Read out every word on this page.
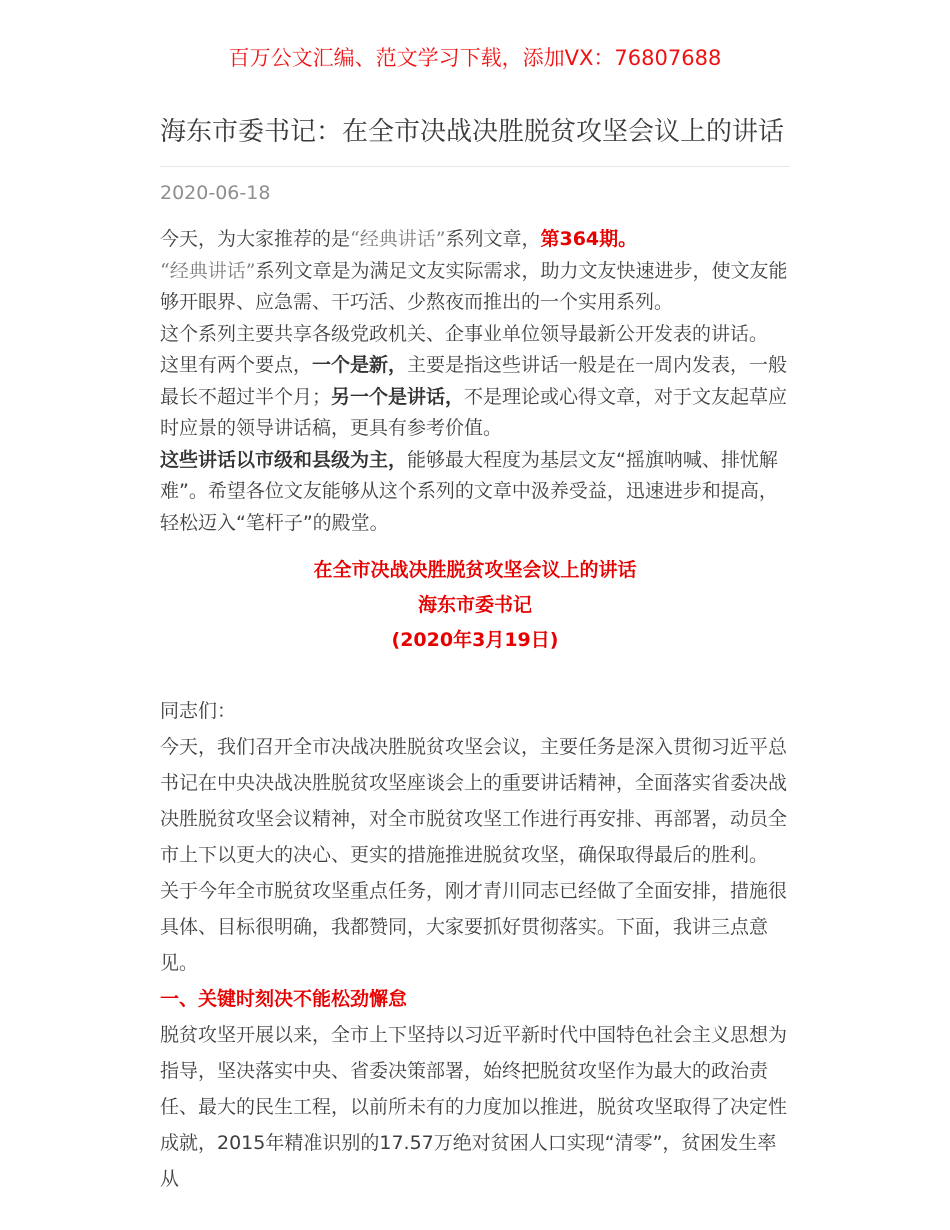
百万公文汇编、范文学习下载，添加VX：76807688
海东市委书记：在全市决战决胜脱贫攻坚会议上的讲话
2020-06-18

今天，为大家推荐的是“经典讲话”系列文章，第364期。

“经典讲话”系列文章是为满足文友实际需求，助力文友快速进步，使文友能够开眼界、应急需、干巧活、少熬夜而推出的一个实用系列。

这个系列主要共享各级党政机关、企事业单位领导最新公开发表的讲话。

这里有两个要点，一个是新，主要是指这些讲话一般是在一周内发表，一般最长不超过半个月；另一个是讲话，不是理论或心得文章，对于文友起草应时应景的领导讲话稿，更具有参考价值。

这些讲话以市级和县级为主，能够最大程度为基层文友“摇旗呐喊、排忧解难”。希望各位文友能够从这个系列的文章中汲养受益，迅速进步和提高，轻松迈入“笔杆子”的殿堂。

在全市决战决胜脱贫攻坚会议上的讲话
海东市委书记
(2020年3月19日)

同志们：

今天，我们召开全市决战决胜脱贫攻坚会议，主要任务是深入贯彻习近平总书记在中央决战决胜脱贫攻坚座谈会上的重要讲话精神，全面落实省委决战决胜脱贫攻坚会议精神，对全市脱贫攻坚工作进行再安排、再部署，动员全市上下以更大的决心、更实的措施推进脱贫攻坚，确保取得最后的胜利。

关于今年全市脱贫攻坚重点任务，刚才青川同志已经做了全面安排，措施很具体、目标很明确，我都赞同，大家要抓好贯彻落实。下面，我讲三点意见。

一、关键时刻决不能松劲懈怠

脱贫攻坚开展以来，全市上下坚持以习近平新时代中国特色社会主义思想为指导，坚决落实中央、省委决策部署，始终把脱贫攻坚作为最大的政治责任、最大的民生工程，以前所未有的力度加以推进，脱贫攻坚取得了决定性成就，2015年精准识别的17.57万绝对贫困人口实现“清零”，贫困发生率从
